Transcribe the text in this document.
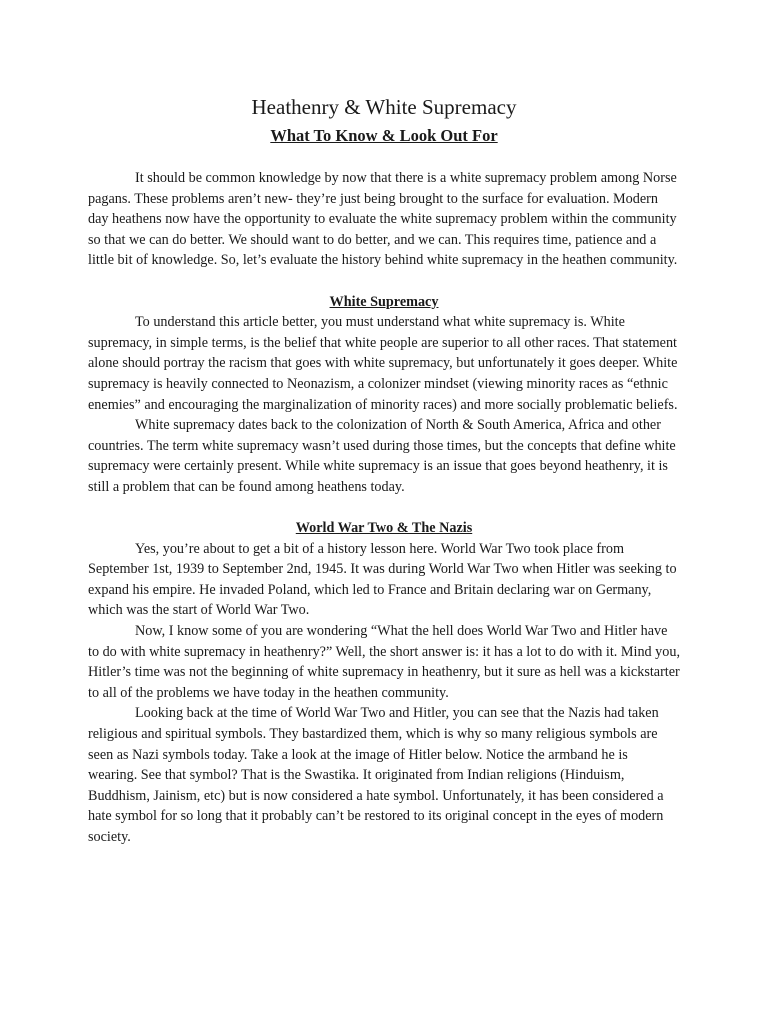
Heathenry & White Supremacy
What To Know & Look Out For

It should be common knowledge by now that there is a white supremacy problem among Norse pagans. These problems aren’t new- they’re just being brought to the surface for evaluation. Modern day heathens now have the opportunity to evaluate the white supremacy problem within the community so that we can do better. We should want to do better, and we can. This requires time, patience and a little bit of knowledge. So, let’s evaluate the history behind white supremacy in the heathen community.

White Supremacy

To understand this article better, you must understand what white supremacy is. White supremacy, in simple terms, is the belief that white people are superior to all other races. That statement alone should portray the racism that goes with white supremacy, but unfortunately it goes deeper. White supremacy is heavily connected to Neonazism, a colonizer mindset (viewing minority races as “ethnic enemies” and encouraging the marginalization of minority races) and more socially problematic beliefs.

White supremacy dates back to the colonization of North & South America, Africa and other countries. The term white supremacy wasn’t used during those times, but the concepts that define white supremacy were certainly present. While white supremacy is an issue that goes beyond heathenry, it is still a problem that can be found among heathens today.

World War Two & The Nazis

Yes, you’re about to get a bit of a history lesson here. World War Two took place from September 1st, 1939 to September 2nd, 1945. It was during World War Two when Hitler was seeking to expand his empire. He invaded Poland, which led to France and Britain declaring war on Germany, which was the start of World War Two.

Now, I know some of you are wondering “What the hell does World War Two and Hitler have to do with white supremacy in heathenry?” Well, the short answer is: it has a lot to do with it. Mind you, Hitler’s time was not the beginning of white supremacy in heathenry, but it sure as hell was a kickstarter to all of the problems we have today in the heathen community.

Looking back at the time of World War Two and Hitler, you can see that the Nazis had taken religious and spiritual symbols. They bastardized them, which is why so many religious symbols are seen as Nazi symbols today. Take a look at the image of Hitler below. Notice the armband he is wearing. See that symbol? That is the Swastika. It originated from Indian religions (Hinduism, Buddhism, Jainism, etc) but is now considered a hate symbol. Unfortunately, it has been considered a hate symbol for so long that it probably can’t be restored to its original concept in the eyes of modern society.
